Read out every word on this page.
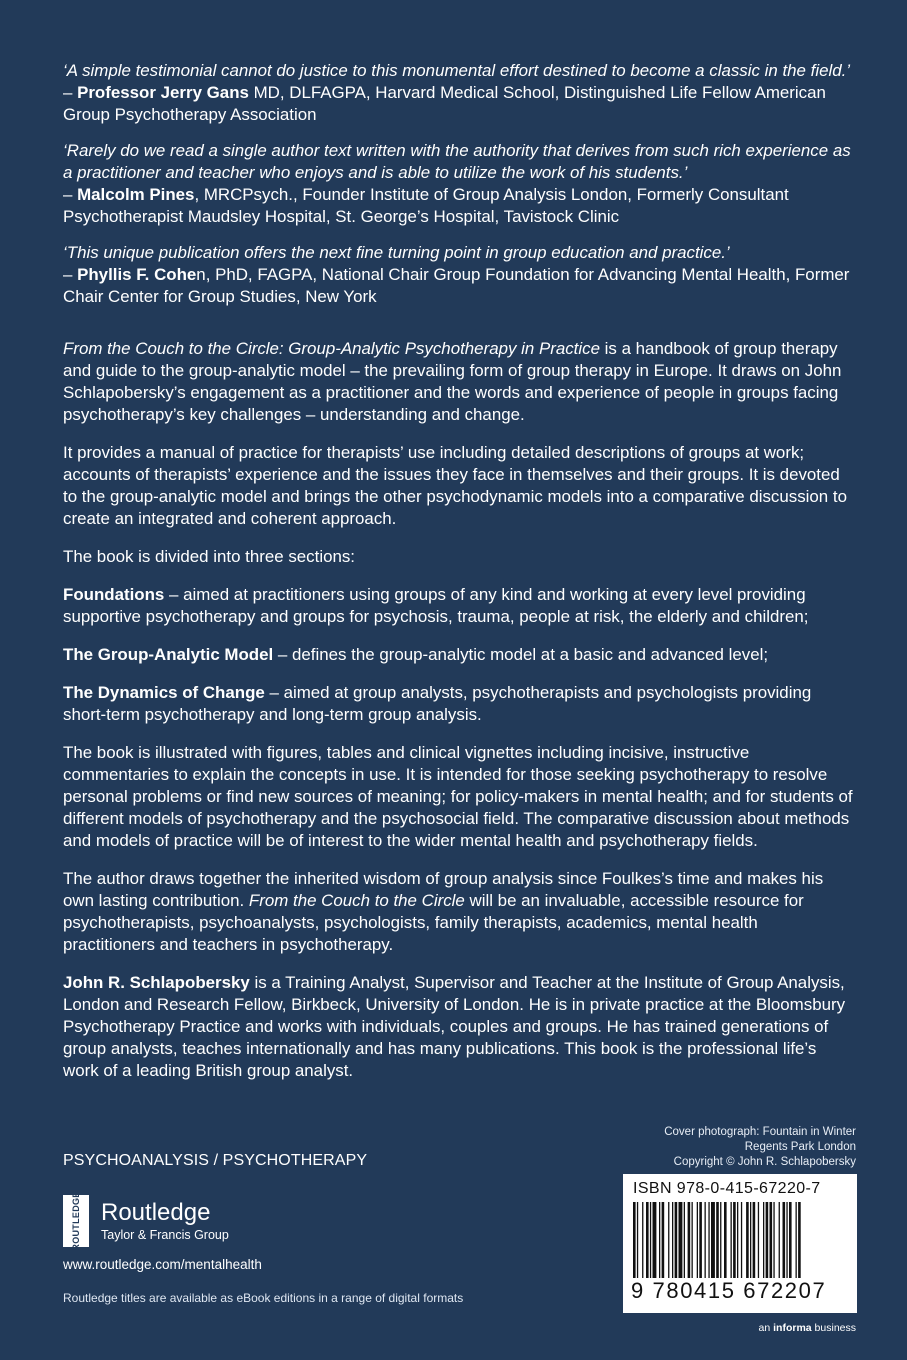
‘A simple testimonial cannot do justice to this monumental effort destined to become a classic in the field.’
– Professor Jerry Gans MD, DLFAGPA, Harvard Medical School, Distinguished Life Fellow American Group Psychotherapy Association
‘Rarely do we read a single author text written with the authority that derives from such rich experience as a practitioner and teacher who enjoys and is able to utilize the work of his students.’
– Malcolm Pines, MRCPsych., Founder Institute of Group Analysis London, Formerly Consultant Psychotherapist Maudsley Hospital, St. George’s Hospital, Tavistock Clinic
‘This unique publication offers the next fine turning point in group education and practice.’
– Phyllis F. Cohen, PhD, FAGPA, National Chair Group Foundation for Advancing Mental Health, Former Chair Center for Group Studies, New York

From the Couch to the Circle: Group-Analytic Psychotherapy in Practice is a handbook of group therapy and guide to the group-analytic model – the prevailing form of group therapy in Europe. It draws on John Schlapobersky’s engagement as a practitioner and the words and experience of people in groups facing psychotherapy’s key challenges – understanding and change.

It provides a manual of practice for therapists’ use including detailed descriptions of groups at work; accounts of therapists’ experience and the issues they face in themselves and their groups. It is devoted to the group-analytic model and brings the other psychodynamic models into a comparative discussion to create an integrated and coherent approach.

The book is divided into three sections:

Foundations – aimed at practitioners using groups of any kind and working at every level providing supportive psychotherapy and groups for psychosis, trauma, people at risk, the elderly and children;

The Group-Analytic Model – defines the group-analytic model at a basic and advanced level;

The Dynamics of Change – aimed at group analysts, psychotherapists and psychologists providing short-term psychotherapy and long-term group analysis.

The book is illustrated with figures, tables and clinical vignettes including incisive, instructive commentaries to explain the concepts in use. It is intended for those seeking psychotherapy to resolve personal problems or find new sources of meaning; for policy-makers in mental health; and for students of different models of psychotherapy and the psychosocial field. The comparative discussion about methods and models of practice will be of interest to the wider mental health and psychotherapy fields.

The author draws together the inherited wisdom of group analysis since Foulkes’s time and makes his own lasting contribution. From the Couch to the Circle will be an invaluable, accessible resource for psychotherapists, psychoanalysts, psychologists, family therapists, academics, mental health practitioners and teachers in psychotherapy.

John R. Schlapobersky is a Training Analyst, Supervisor and Teacher at the Institute of Group Analysis, London and Research Fellow, Birkbeck, University of London. He is in private practice at the Bloomsbury Psychotherapy Practice and works with individuals, couples and groups. He has trained generations of group analysts, teaches internationally and has many publications. This book is the professional life’s work of a leading British group analyst.

PSYCHOANALYSIS / PSYCHOTHERAPY
ROUTLEDGE Routledge
Taylor & Francis Group
www.routledge.com/mentalhealth
Routledge titles are available as eBook editions in a range of digital formats
Cover photograph: Fountain in Winter
Regents Park London
Copyright © John R. Schlapobersky
ISBN 978-0-415-67220-7
9 780415 672207
an informa business
